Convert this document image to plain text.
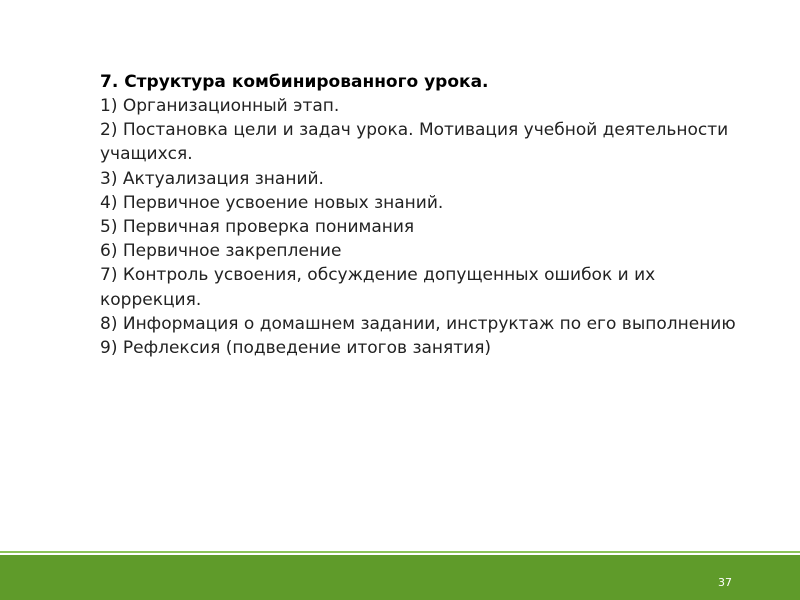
7. Структура комбинированного урока.

1) Организационный этап.
2) Постановка цели и задач урока. Мотивация учебной деятельности учащихся.
3) Актуализация знаний.
4) Первичное усвоение новых знаний.
5) Первичная проверка понимания
6) Первичное закрепление
7) Контроль усвоения, обсуждение допущенных ошибок и их коррекция.
8) Информация о домашнем задании, инструктаж по его выполнению
9) Рефлексия (подведение итогов занятия)
37
